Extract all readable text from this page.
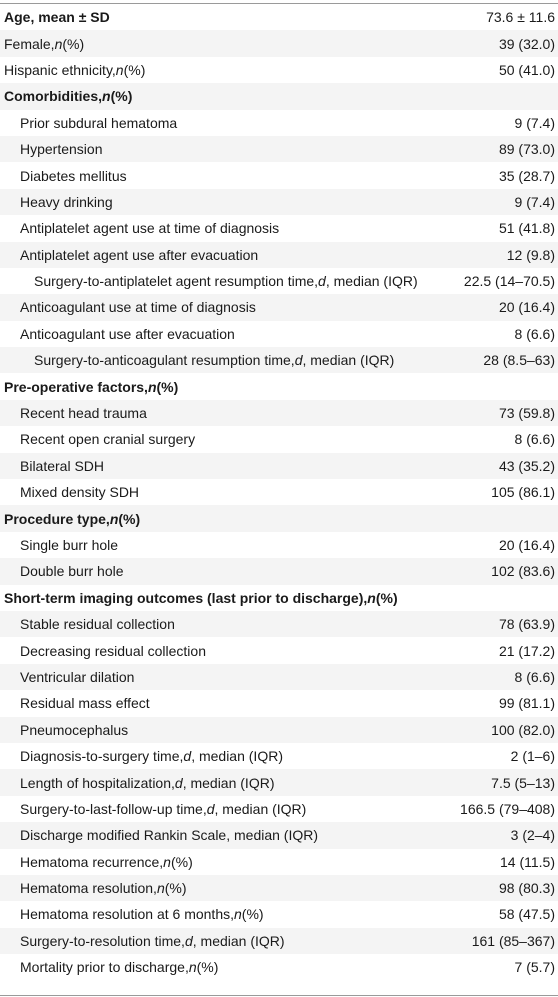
Age, mean ± SD	73.6 ± 11.6
Female, n (%)	39 (32.0)
Hispanic ethnicity, n (%)	50 (41.0)
Comorbidities, n (%)
Prior subdural hematoma	9 (7.4)
Hypertension	89 (73.0)
Diabetes mellitus	35 (28.7)
Heavy drinking	9 (7.4)
Antiplatelet agent use at time of diagnosis	51 (41.8)
Antiplatelet agent use after evacuation	12 (9.8)
Surgery-to-antiplatelet agent resumption time, d , median (IQR)	22.5 (14–70.5)
Anticoagulant use at time of diagnosis	20 (16.4)
Anticoagulant use after evacuation	8 (6.6)
Surgery-to-anticoagulant resumption time, d , median (IQR)	28 (8.5–63)
Pre-operative factors, n (%)
Recent head trauma	73 (59.8)
Recent open cranial surgery	8 (6.6)
Bilateral SDH	43 (35.2)
Mixed density SDH	105 (86.1)
Procedure type, n (%)
Single burr hole	20 (16.4)
Double burr hole	102 (83.6)
Short-term imaging outcomes (last prior to discharge), n (%)
Stable residual collection	78 (63.9)
Decreasing residual collection	21 (17.2)
Ventricular dilation	8 (6.6)
Residual mass effect	99 (81.1)
Pneumocephalus	100 (82.0)
Diagnosis-to-surgery time, d , median (IQR)	2 (1–6)
Length of hospitalization, d , median (IQR)	7.5 (5–13)
Surgery-to-last-follow-up time, d , median (IQR)	166.5 (79–408)
Discharge modified Rankin Scale, median (IQR)	3 (2–4)
Hematoma recurrence, n (%)	14 (11.5)
Hematoma resolution, n (%)	98 (80.3)
Hematoma resolution at 6 months, n (%)	58 (47.5)
Surgery-to-resolution time, d , median (IQR)	161 (85–367)
Mortality prior to discharge, n (%)	7 (5.7)
